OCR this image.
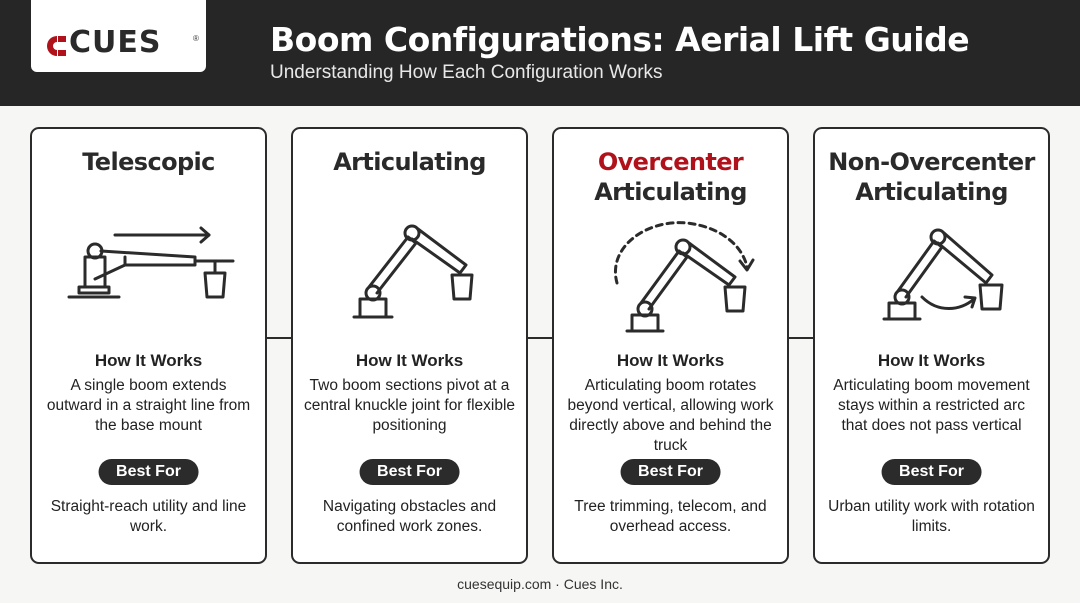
CUES	® Boom Configurations: Aerial Lift Guide
Understanding How Each Configuration Works
Telescopic
How It Works
A single boom extends outward in a straight line from the base mount
Best For
Straight-reach utility and line work.
Articulating
How It Works
Two boom sections pivot at a central knuckle joint for flexible positioning
Best For
Navigating obstacles and confined work zones.
Overcenter
Articulating
How It Works
Articulating boom rotates beyond vertical, allowing work directly above and behind the truck
Best For
Tree trimming, telecom, and overhead access.
Non-Overcenter
Articulating
How It Works
Articulating boom movement stays within a restricted arc that does not pass vertical
Best For
Urban utility work with rotation limits.
cuesequip.com · Cues Inc.
